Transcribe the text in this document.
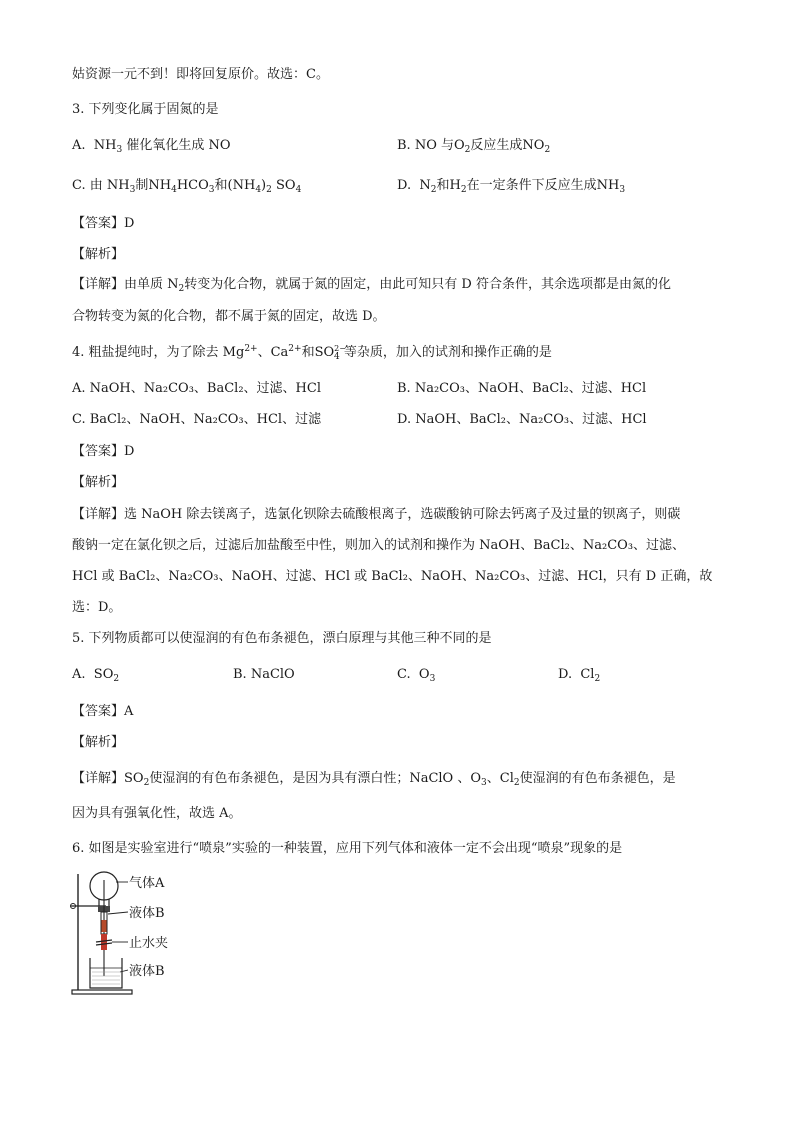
姑资源一元不到！即将回复原价。故选：C。
3. 下列变化属于固氮的是
A.  $NH_3$ 催化氧化生成 NO	B. NO 与$O_2$反应生成$NO_2$
C. 由 $NH_3$制$NH_4HCO_3$和$(NH_4)_2$ $SO_4$	D.  $N_2$和$H_2$在一定条件下反应生成$NH_3$
【答案】D
【解析】
【详解】由单质 $N_2$转变为化合物，就属于氮的固定，由此可知只有 D 符合条件，其余选项都是由氮的化
合物转变为氮的化合物，都不属于氮的固定，故选 D。
4. 粗盐提纯时，为了除去 $Mg^{2+}$、$Ca^{2+}$和$SO^{2-}_4$ 等杂质，加入的试剂和操作正确的是
A. NaOH、Na₂CO₃、BaCl₂、过滤、HCl	B. Na₂CO₃、NaOH、BaCl₂、过滤、HCl
C. BaCl₂、NaOH、Na₂CO₃、HCl、过滤	D. NaOH、BaCl₂、Na₂CO₃、过滤、HCl
【答案】D
【解析】
【详解】选 NaOH 除去镁离子，选氯化钡除去硫酸根离子，选碳酸钠可除去钙离子及过量的钡离子，则碳
酸钠一定在氯化钡之后，过滤后加盐酸至中性，则加入的试剂和操作为 NaOH、BaCl₂、Na₂CO₃、过滤、
HCl 或 BaCl₂、Na₂CO₃、NaOH、过滤、HCl 或 BaCl₂、NaOH、Na₂CO₃、过滤、HCl，只有 D 正确，故
选：D。
5. 下列物质都可以使湿润的有色布条褪色，漂白原理与其他三种不同的是
A.  $SO_2$	B. NaClO	C.  $O_3$	D.  $Cl_2$
【答案】A
【解析】
【详解】$SO_2$使湿润的有色布条褪色，是因为具有漂白性；NaClO 、$O_3$、$Cl_2$使湿润的有色布条褪色，是
因为具有强氧化性，故选 A。
6. 如图是实验室进行“喷泉”实验的一种装置，应用下列气体和液体一定不会出现“喷泉”现象的是
气体A
液体B
止水夹
液体B
